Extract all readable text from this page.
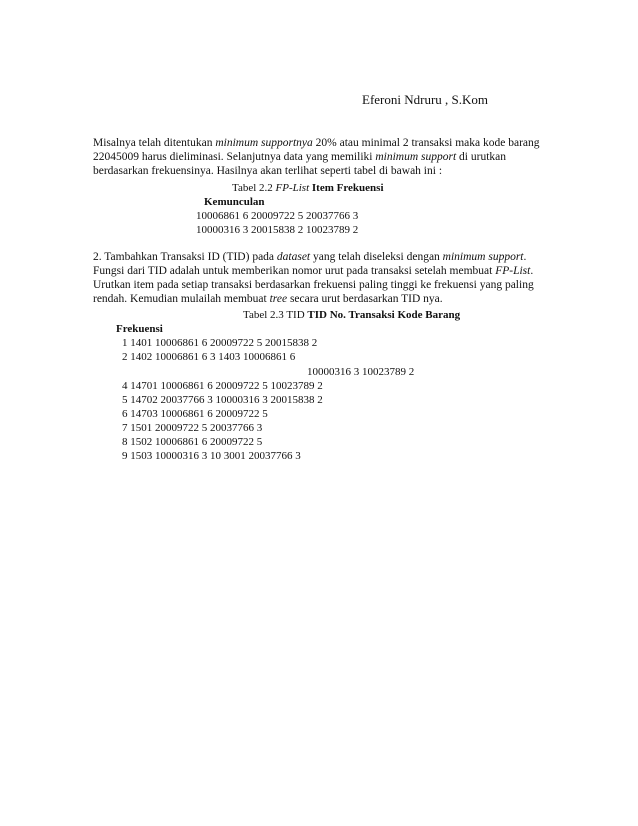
Eferoni Ndruru , S.Kom
Misalnya telah ditentukan minimum supportnya 20% atau minimal 2 transaksi maka kode barang
22045009 harus dieliminasi. Selanjutnya data yang memiliki minimum support di urutkan
berdasarkan frekuensinya. Hasilnya akan terlihat seperti tabel di bawah ini :
Tabel 2.2 FP-List Item Frekuensi
Kemunculan
10006861 6 20009722 5 20037766 3
10000316 3 20015838 2 10023789 2
2. Tambahkan Transaksi ID (TID) pada dataset yang telah diseleksi dengan minimum support.
Fungsi dari TID adalah untuk memberikan nomor urut pada transaksi setelah membuat FP-List.
Urutkan item pada setiap transaksi berdasarkan frekuensi paling tinggi ke frekuensi yang paling
rendah. Kemudian mulailah membuat tree secara urut berdasarkan TID nya.
Tabel 2.3 TID TID No. Transaksi Kode Barang
Frekuensi
1 1401 10006861 6 20009722 5 20015838 2
2 1402 10006861 6 3 1403 10006861 6
10000316 3 10023789 2
4 14701 10006861 6 20009722 5 10023789 2
5 14702 20037766 3 10000316 3 20015838 2
6 14703 10006861 6 20009722 5
7 1501 20009722 5 20037766 3
8 1502 10006861 6 20009722 5
9 1503 10000316 3 10 3001 20037766 3
